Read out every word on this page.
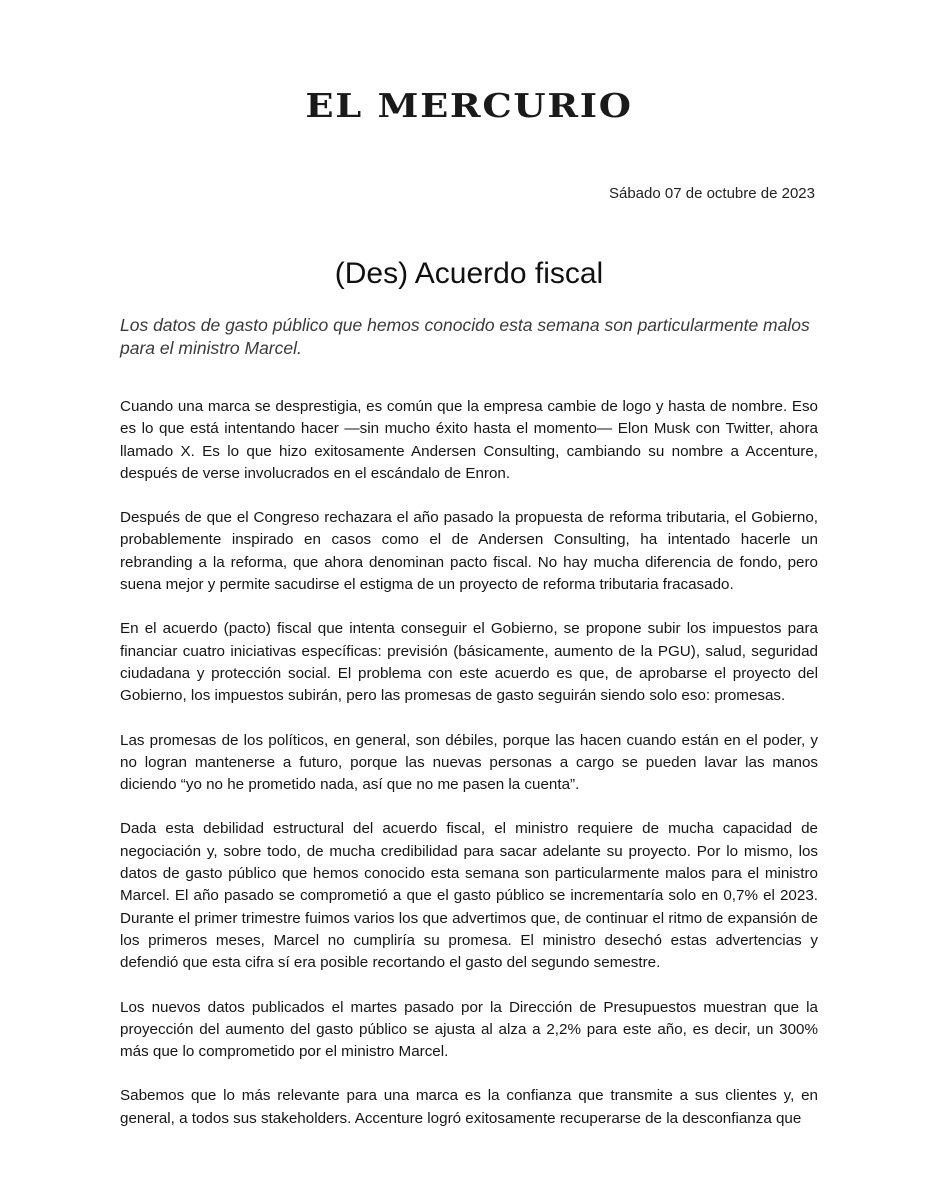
EL MERCURIO
Sábado 07 de octubre de 2023
(Des) Acuerdo fiscal
Los datos de gasto público que hemos conocido esta semana son particularmente malos para el ministro Marcel.

Cuando una marca se desprestigia, es común que la empresa cambie de logo y hasta de nombre. Eso es lo que está intentando hacer —sin mucho éxito hasta el momento— Elon Musk con Twitter, ahora llamado X. Es lo que hizo exitosamente Andersen Consulting, cambiando su nombre a Accenture, después de verse involucrados en el escándalo de Enron.

Después de que el Congreso rechazara el año pasado la propuesta de reforma tributaria, el Gobierno, probablemente inspirado en casos como el de Andersen Consulting, ha intentado hacerle un rebranding a la reforma, que ahora denominan pacto fiscal. No hay mucha diferencia de fondo, pero suena mejor y permite sacudirse el estigma de un proyecto de reforma tributaria fracasado.

En el acuerdo (pacto) fiscal que intenta conseguir el Gobierno, se propone subir los impuestos para financiar cuatro iniciativas específicas: previsión (básicamente, aumento de la PGU), salud, seguridad ciudadana y protección social. El problema con este acuerdo es que, de aprobarse el proyecto del Gobierno, los impuestos subirán, pero las promesas de gasto seguirán siendo solo eso: promesas.

Las promesas de los políticos, en general, son débiles, porque las hacen cuando están en el poder, y no logran mantenerse a futuro, porque las nuevas personas a cargo se pueden lavar las manos diciendo “yo no he prometido nada, así que no me pasen la cuenta”.

Dada esta debilidad estructural del acuerdo fiscal, el ministro requiere de mucha capacidad de negociación y, sobre todo, de mucha credibilidad para sacar adelante su proyecto. Por lo mismo, los datos de gasto público que hemos conocido esta semana son particularmente malos para el ministro Marcel. El año pasado se comprometió a que el gasto público se incrementaría solo en 0,7% el 2023. Durante el primer trimestre fuimos varios los que advertimos que, de continuar el ritmo de expansión de los primeros meses, Marcel no cumpliría su promesa. El ministro desechó estas advertencias y defendió que esta cifra sí era posible recortando el gasto del segundo semestre.

Los nuevos datos publicados el martes pasado por la Dirección de Presupuestos muestran que la proyección del aumento del gasto público se ajusta al alza a 2,2% para este año, es decir, un 300% más que lo comprometido por el ministro Marcel.

Sabemos que lo más relevante para una marca es la confianza que transmite a sus clientes y, en general, a todos sus stakeholders. Accenture logró exitosamente recuperarse de la desconfianza que
